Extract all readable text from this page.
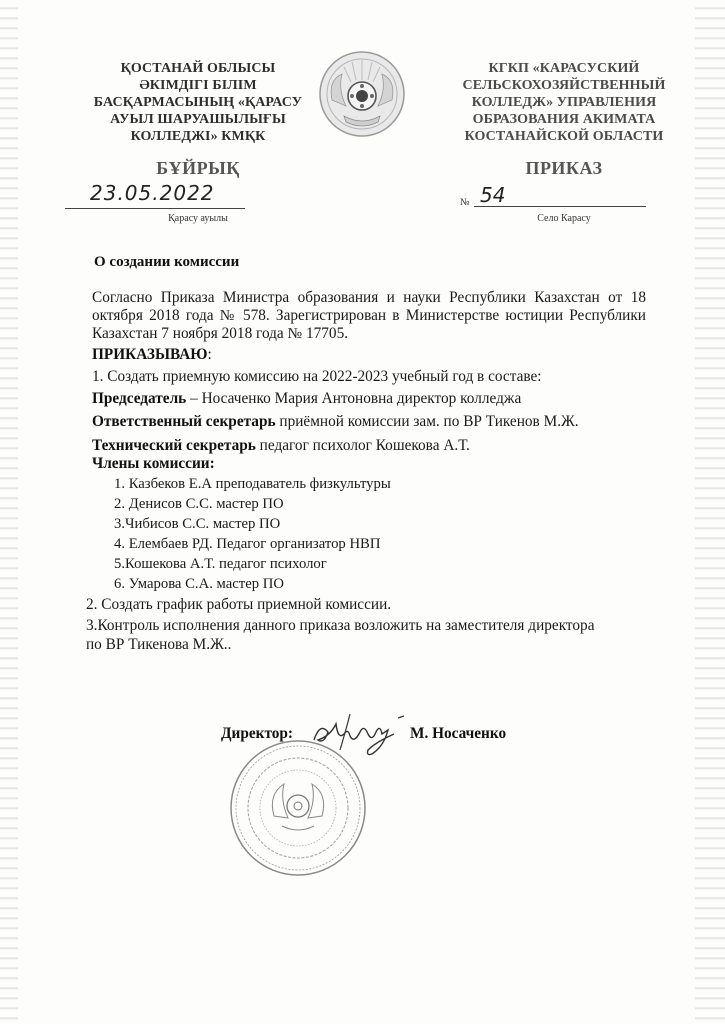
ҚОСТАНАЙ ОБЛЫСЫ
ӘКІМДІГІ БІЛІМ
БАСҚАРМАСЫНЫҢ «ҚАРАСУ
АУЫЛ ШАРУАШЫЛЫҒЫ
КОЛЛЕДЖІ» КМҚК
КГКП «КАРАСУСКИЙ
СЕЛЬСКОХОЗЯЙСТВЕННЫЙ
КОЛЛЕДЖ» УПРАВЛЕНИЯ
ОБРАЗОВАНИЯ АКИМАТА
КОСТАНАЙСКОЙ ОБЛАСТИ
БҰЙРЫҚ	ПРИКАЗ
23.05.2022
Қарасу ауылы
№ 54
Село Карасу
О создании комиссии
Согласно Приказа Министра образования и науки Республики Казахстан от 18 октября 2018 года № 578. Зарегистрирован в Министерстве юстиции Республики Казахстан 7 ноября 2018 года № 17705.
ПРИКАЗЫВАЮ:
1. Создать приемную комиссию на 2022-2023 учебный год в составе:
Председатель – Носаченко Мария Антоновна директор колледжа
Ответственный секретарь приёмной комиссии зам. по ВР Тикенов М.Ж.
Технический секретарь педагог психолог Кошекова А.Т.
Члены комиссии:
1. Казбеков Е.А преподаватель физкультуры
2. Денисов С.С. мастер ПО
3.Чибисов С.С. мастер ПО
4. Елембаев РД. Педагог организатор НВП
5.Кошекова А.Т. педагог психолог
6. Умарова С.А. мастер ПО
2. Создать график работы приемной комиссии.
3.Контроль исполнения данного приказа возложить на заместителя директора
по ВР Тикенова М.Ж..
Директор:	М. Носаченко
